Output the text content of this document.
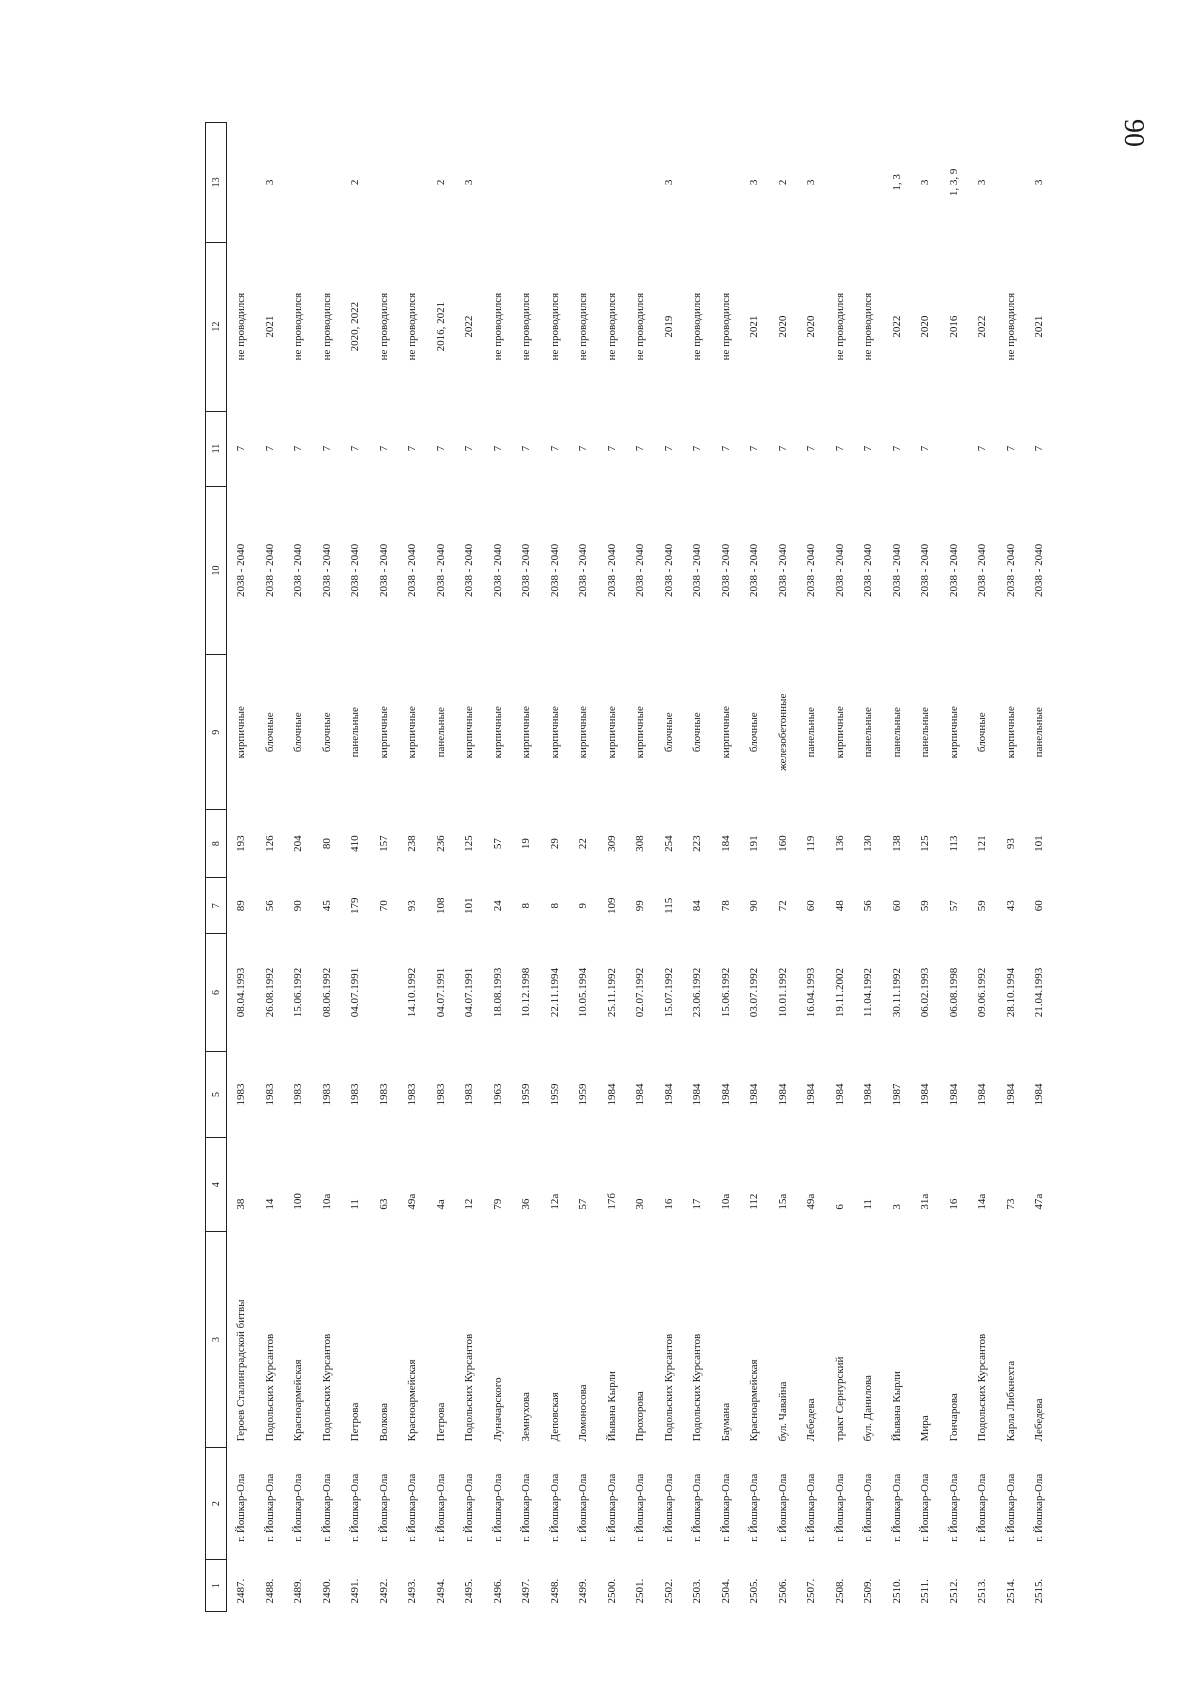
90
1	2	3	4	5	6	7	8	9	10	11	12	13
2487.	г. Йошкар-Ола	Героев Сталинградской битвы	38	1983	08.04.1993	89	193	кирпичные	2038 - 2040	7	не проводился	
2488.	г. Йошкар-Ола	Подольских Курсантов	14	1983	26.08.1992	56	126	блочные	2038 - 2040	7	2021	3
2489.	г. Йошкар-Ола	Красноармейская	100	1983	15.06.1992	90	204	блочные	2038 - 2040	7	не проводился	
2490.	г. Йошкар-Ола	Подольских Курсантов	10а	1983	08.06.1992	45	80	блочные	2038 - 2040	7	не проводился	
2491.	г. Йошкар-Ола	Петрова	11	1983	04.07.1991	179	410	панельные	2038 - 2040	7	2020, 2022	2
2492.	г. Йошкар-Ола	Волкова	63	1983		70	157	кирпичные	2038 - 2040	7	не проводился	
2493.	г. Йошкар-Ола	Красноармейская	49а	1983	14.10.1992	93	238	кирпичные	2038 - 2040	7	не проводился	
2494.	г. Йошкар-Ола	Петрова	4а	1983	04.07.1991	108	236	панельные	2038 - 2040	7	2016, 2021	2
2495.	г. Йошкар-Ола	Подольских Курсантов	12	1983	04.07.1991	101	125	кирпичные	2038 - 2040	7	2022	3
2496.	г. Йошкар-Ола	Луначарского	79	1963	18.08.1993	24	57	кирпичные	2038 - 2040	7	не проводился	
2497.	г. Йошкар-Ола	Земнухова	36	1959	10.12.1998	8	19	кирпичные	2038 - 2040	7	не проводился	
2498.	г. Йошкар-Ола	Деповская	12а	1959	22.11.1994	8	29	кирпичные	2038 - 2040	7	не проводился	
2499.	г. Йошкар-Ола	Ломоносова	57	1959	10.05.1994	9	22	кирпичные	2038 - 2040	7	не проводился	
2500.	г. Йошкар-Ола	Йывана Кырли	17б	1984	25.11.1992	109	309	кирпичные	2038 - 2040	7	не проводился	
2501.	г. Йошкар-Ола	Прохорова	30	1984	02.07.1992	99	308	кирпичные	2038 - 2040	7	не проводился	
2502.	г. Йошкар-Ола	Подольских Курсантов	16	1984	15.07.1992	115	254	блочные	2038 - 2040	7	2019	3
2503.	г. Йошкар-Ола	Подольских Курсантов	17	1984	23.06.1992	84	223	блочные	2038 - 2040	7	не проводился	
2504.	г. Йошкар-Ола	Баумана	10а	1984	15.06.1992	78	184	кирпичные	2038 - 2040	7	не проводился	
2505.	г. Йошкар-Ола	Красноармейская	112	1984	03.07.1992	90	191	блочные	2038 - 2040	7	2021	3
2506.	г. Йошкар-Ола	бул. Чавайна	15а	1984	10.01.1992	72	160	железобетонные	2038 - 2040	7	2020	2
2507.	г. Йошкар-Ола	Лебедева	49а	1984	16.04.1993	60	119	панельные	2038 - 2040	7	2020	3
2508.	г. Йошкар-Ола	тракт Сернурский	6	1984	19.11.2002	48	136	кирпичные	2038 - 2040	7	не проводился	
2509.	г. Йошкар-Ола	бул. Данилова	11	1984	11.04.1992	56	130	панельные	2038 - 2040	7	не проводился	
2510.	г. Йошкар-Ола	Йывана Кырли	3	1987	30.11.1992	60	138	панельные	2038 - 2040	7	2022	1, 3
2511.	г. Йошкар-Ола	Мира	31а	1984	06.02.1993	59	125	панельные	2038 - 2040	7	2020	3
2512.	г. Йошкар-Ола	Гончарова	16	1984	06.08.1998	57	113	кирпичные	2038 - 2040		2016	1, 3, 9
2513.	г. Йошкар-Ола	Подольских Курсантов	14а	1984	09.06.1992	59	121	блочные	2038 - 2040	7	2022	3
2514.	г. Йошкар-Ола	Карла Либкнехта	73	1984	28.10.1994	43	93	кирпичные	2038 - 2040	7	не проводился	
2515.	г. Йошкар-Ола	Лебедева	47а	1984	21.04.1993	60	101	панельные	2038 - 2040	7	2021	3
